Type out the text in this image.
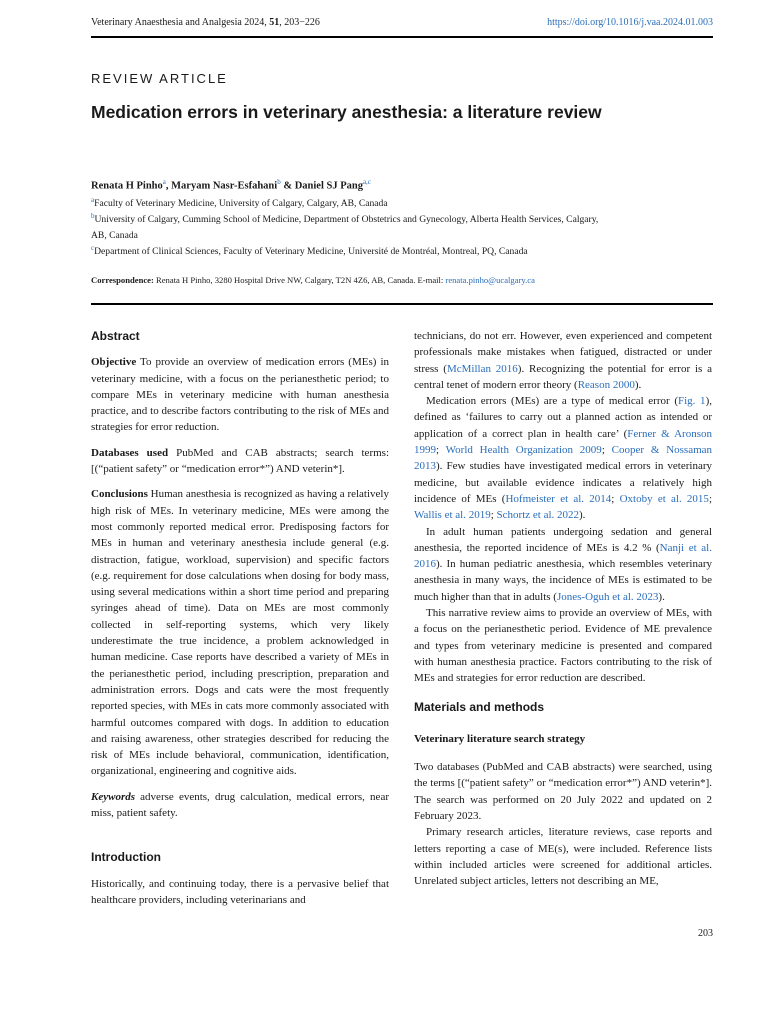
Veterinary Anaesthesia and Analgesia 2024, 51, 203−226	https://doi.org/10.1016/j.vaa.2024.01.003
REVIEW ARTICLE
Medication errors in veterinary anesthesia: a literature review
Renata H Pinho$^a$, Maryam Nasr-Esfahani$^b$ & Daniel SJ Pang$^{a,c}$
$^a$Faculty of Veterinary Medicine, University of Calgary, Calgary, AB, Canada
$^b$University of Calgary, Cumming School of Medicine, Department of Obstetrics and Gynecology, Alberta Health Services, Calgary, AB, Canada
$^c$Department of Clinical Sciences, Faculty of Veterinary Medicine, Université de Montréal, Montreal, PQ, Canada
Correspondence: Renata H Pinho, 3280 Hospital Drive NW, Calgary, T2N 4Z6, AB, Canada. E-mail: renata.pinho@ucalgary.ca
Abstract

Objective To provide an overview of medication errors (MEs) in veterinary medicine, with a focus on the perianesthetic period; to compare MEs in veterinary medicine with human anesthesia practice, and to describe factors contributing to the risk of MEs and strategies for error reduction.

Databases used PubMed and CAB abstracts; search terms: [(“patient safety” or “medication error*”) AND veterin*].

Conclusions Human anesthesia is recognized as having a relatively high risk of MEs. In veterinary medicine, MEs were among the most commonly reported medical error. Predisposing factors for MEs in human and veterinary anesthesia include general (e.g. distraction, fatigue, workload, supervision) and specific factors (e.g. requirement for dose calculations when dosing for body mass, using several medications within a short time period and preparing syringes ahead of time). Data on MEs are most commonly collected in self-reporting systems, which very likely underestimate the true incidence, a problem acknowledged in human medicine. Case reports have described a variety of MEs in the perianesthetic period, including prescription, preparation and administration errors. Dogs and cats were the most frequently reported species, with MEs in cats more commonly associated with harmful outcomes compared with dogs. In addition to education and raising awareness, other strategies described for reducing the risk of MEs include behavioral, communication, identification, organizational, engineering and cognitive aids.

Keywords adverse events, drug calculation, medical errors, near miss, patient safety.

Introduction

Historically, and continuing today, there is a pervasive belief that healthcare providers, including veterinarians and

technicians, do not err. However, even experienced and competent professionals make mistakes when fatigued, distracted or under stress (McMillan 2016). Recognizing the potential for error is a central tenet of modern error theory (Reason 2000).

Medication errors (MEs) are a type of medical error (Fig. 1), defined as ‘failures to carry out a planned action as intended or application of a correct plan in health care’ (Ferner & Aronson 1999; World Health Organization 2009; Cooper & Nossaman 2013). Few studies have investigated medical errors in veterinary medicine, but available evidence indicates a relatively high incidence of MEs (Hofmeister et al. 2014; Oxtoby et al. 2015; Wallis et al. 2019; Schortz et al. 2022).

In adult human patients undergoing sedation and general anesthesia, the reported incidence of MEs is 4.2 % (Nanji et al. 2016). In human pediatric anesthesia, which resembles veterinary anesthesia in many ways, the incidence of MEs is estimated to be much higher than that in adults (Jones-Oguh et al. 2023).

This narrative review aims to provide an overview of MEs, with a focus on the perianesthetic period. Evidence of ME prevalence and types from veterinary medicine is presented and compared with human anesthesia practice. Factors contributing to the risk of MEs and strategies for error reduction are described.

Materials and methods
Veterinary literature search strategy

Two databases (PubMed and CAB abstracts) were searched, using the terms [(“patient safety” or “medication error*”) AND veterin*]. The search was performed on 20 July 2022 and updated on 2 February 2023.

Primary research articles, literature reviews, case reports and letters reporting a case of ME(s), were included. Reference lists within included articles were screened for additional articles. Unrelated subject articles, letters not describing an ME,

203
